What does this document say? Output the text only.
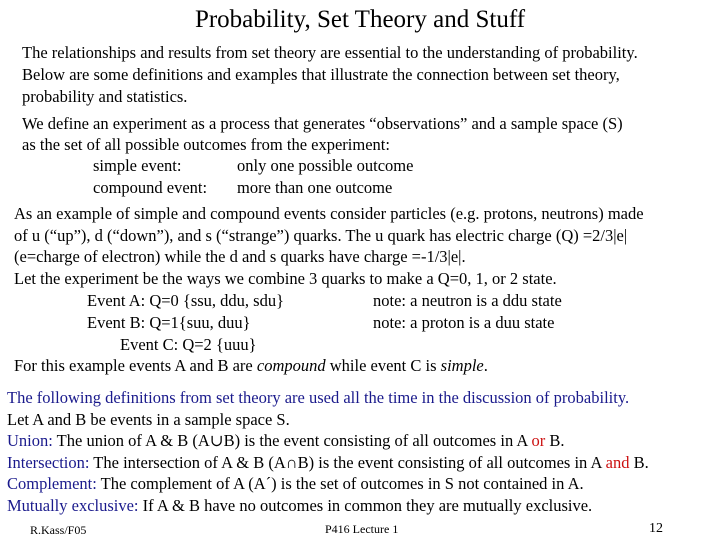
Probability, Set Theory and Stuff
The relationships and results from set theory are essential to the understanding of probability.
Below are some definitions and examples that illustrate the connection between set theory,
probability and statistics.
We define an experiment as a process that generates “observations” and a sample space (S)
as the set of all possible outcomes from the experiment:
simple event:	only one possible outcome
compound event: more than one outcome
As an example of simple and compound events consider particles (e.g. protons, neutrons) made
of u (“up”), d (“down”), and s (“strange”) quarks. The u quark has electric charge (Q) =2/3|e|
(e=charge of electron) while the d and s quarks have charge =-1/3|e|.
Let the experiment be the ways we combine 3 quarks to make a Q=0, 1, or 2 state.
Event A: Q=0 {ssu, ddu, sdu}	note: a neutron is a ddu state
Event B: Q=1{suu, duu}	note: a proton is a duu state
Event C: Q=2 {uuu}
For this example events A and B are compound while event C is simple.
The following definitions from set theory are used all the time in the discussion of probability.
Let A and B be events in a sample space S.
Union: The union of A & B (A∪B) is the event consisting of all outcomes in A or B.
Intersection: The intersection of A & B (A∩B) is the event consisting of all outcomes in A and B.
Complement: The complement of A (A´) is the set of outcomes in S not contained in A.
Mutually exclusive: If A & B have no outcomes in common they are mutually exclusive.
R.Kass/F05	P416 Lecture 1	12
